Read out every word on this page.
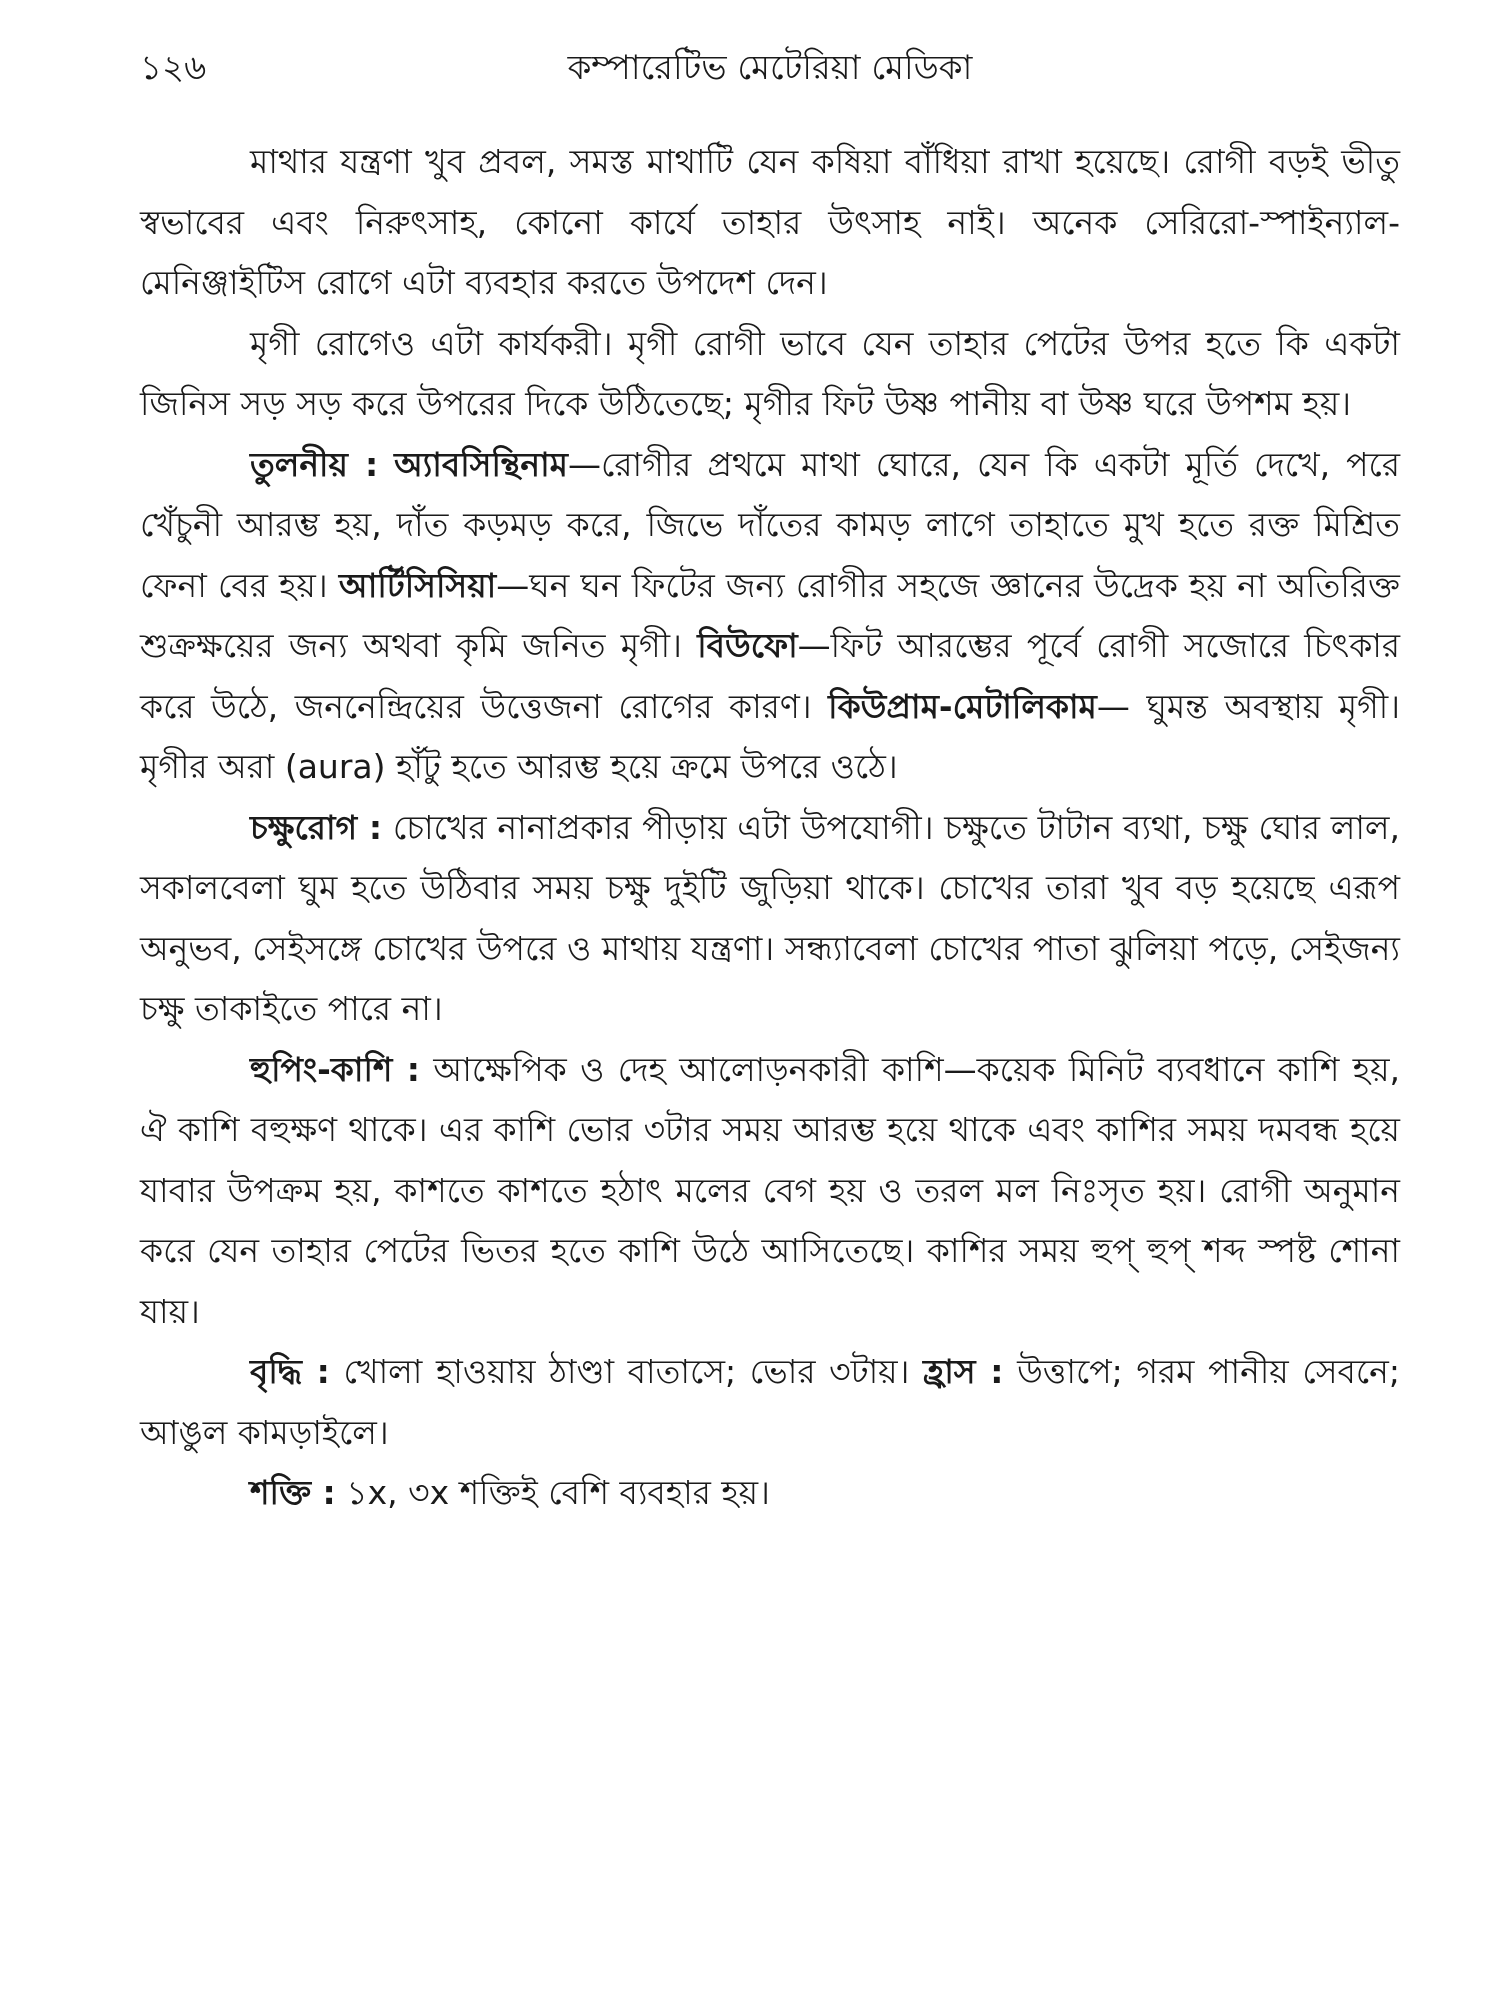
১২৬	কম্পারেটিভ মেটেরিয়া মেডিকা

মাথার যন্ত্রণা খুব প্রবল, সমস্ত মাথাটি যেন কষিয়া বাঁধিয়া রাখা হয়েছে। রোগী বড়ই ভীতু স্বভাবের এবং নিরুৎসাহ, কোনো কার্যে তাহার উৎসাহ নাই। অনেক সেরিরো-স্পাইন্যাল-মেনিঞ্জাইটিস রোগে এটা ব্যবহার করতে উপদেশ দেন।

মৃগী রোগেও এটা কার্যকরী। মৃগী রোগী ভাবে যেন তাহার পেটের উপর হতে কি একটা জিনিস সড় সড় করে উপরের দিকে উঠিতেছে; মৃগীর ফিট উষ্ণ পানীয় বা উষ্ণ ঘরে উপশম হয়।

তুলনীয় : অ্যাবসিন্থিনাম—রোগীর প্রথমে মাথা ঘোরে, যেন কি একটা মূর্তি দেখে, পরে খেঁচুনী আরম্ভ হয়, দাঁত কড়মড় করে, জিভে দাঁতের কামড় লাগে তাহাতে মুখ হতে রক্ত মিশ্রিত ফেনা বের হয়। আর্টিসিসিয়া—ঘন ঘন ফিটের জন্য রোগীর সহজে জ্ঞানের উদ্রেক হয় না অতিরিক্ত শুক্রক্ষয়ের জন্য অথবা কৃমি জনিত মৃগী। বিউফো—ফিট আরম্ভের পূর্বে রোগী সজোরে চিৎকার করে উঠে, জননেন্দ্রিয়ের উত্তেজনা রোগের কারণ। কিউপ্রাম-মেটালিকাম— ঘুমন্ত অবস্থায় মৃগী। মৃগীর অরা (aura) হাঁটু হতে আরম্ভ হয়ে ক্রমে উপরে ওঠে।

চক্ষুরোগ : চোখের নানাপ্রকার পীড়ায় এটা উপযোগী। চক্ষুতে টাটান ব্যথা, চক্ষু ঘোর লাল, সকালবেলা ঘুম হতে উঠিবার সময় চক্ষু দুইটি জুড়িয়া থাকে। চোখের তারা খুব বড় হয়েছে এরূপ অনুভব, সেইসঙ্গে চোখের উপরে ও মাথায় যন্ত্রণা। সন্ধ্যাবেলা চোখের পাতা ঝুলিয়া পড়ে, সেইজন্য চক্ষু তাকাইতে পারে না।

হুপিং-কাশি : আক্ষেপিক ও দেহ আলোড়নকারী কাশি—কয়েক মিনিট ব্যবধানে কাশি হয়, ঐ কাশি বহুক্ষণ থাকে। এর কাশি ভোর ৩টার সময় আরম্ভ হয়ে থাকে এবং কাশির সময় দমবন্ধ হয়ে যাবার উপক্রম হয়, কাশতে কাশতে হঠাৎ মলের বেগ হয় ও তরল মল নিঃসৃত হয়। রোগী অনুমান করে যেন তাহার পেটের ভিতর হতে কাশি উঠে আসিতেছে। কাশির সময় হুপ্ হুপ্ শব্দ স্পষ্ট শোনা যায়।

বৃদ্ধি : খোলা হাওয়ায় ঠাণ্ডা বাতাসে; ভোর ৩টায়। হ্রাস : উত্তাপে; গরম পানীয় সেবনে; আঙুল কামড়াইলে।

শক্তি : ১x, ৩x শক্তিই বেশি ব্যবহার হয়।
